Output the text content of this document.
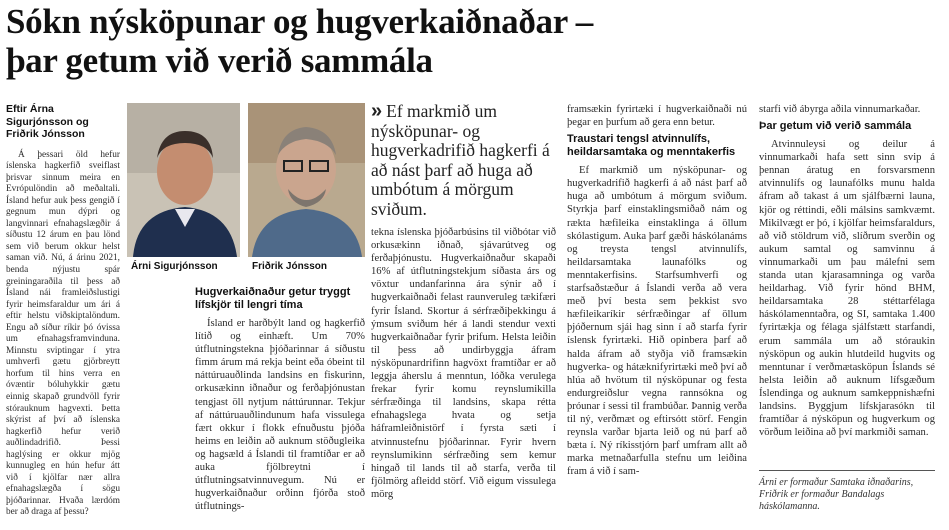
Sókn nýsköpunar og hugverkaiðnaðar –
þar getum við verið sammála
Eftir Árna Sigurjónsson og Friðrik Jónsson

Á þessari öld hefur íslenska hagkerfið sveiflast þrisvar sinnum meira en Evrópulöndin að meðaltali. Ísland hefur auk þess gengið í gegnum mun dýpri og langvinnari efnahagslægðir á síðustu 12 árum en þau lönd sem við berum okkur helst saman við. Nú, á árinu 2021, benda nýjustu spár greiningaraðila til þess að Ísland nái framleiðslustigi fyrir heimsfaraldur um ári á eftir helstu viðskiptalöndum. Engu að síður ríkir þó óvissa um efnahagsframvinduna. Minnstu sviptingar í ytra umhverfi gætu gjörbreytt horfum til hins verra en óvæntir bóluhykkir gætu einnig skapað grundvöll fyrir stórauknum hagvexti. Þetta skýrist af því að íslenska hagkerfið hefur verið auðlindadrifið. Þessi haglýsing er okkur mjög kunnugleg en hún hefur átt við í kjölfar nær allra efnahagslægða í sögu þjóðarinnar. Hvaða lærdóm ber að draga af þessu?

Árni Sigurjónsson	Friðrik Jónsson
Hugverkaiðnaður getur tryggt lífskjör til lengri tíma

Ísland er harðbýlt land og hagkerfið lítið og einhæft. Um 70% útflutningstekna þjóðarinnar á síðustu fimm árum má rekja beint eða óbeint til náttúruauðlinda landsins en fiskurinn, orkusækinn iðnaður og ferðaþjónustan tengjast öll nytjum náttúrunnar. Tekjur af náttúruauðlindunum hafa vissulega fært okkur í flokk efnuðustu þjóða heims en leiðin að auknum stöðugleika og hagsæld á Íslandi til framtíðar er að auka fjölbreytni í útflutningsatvinnuvegum. Nú er hugverkaiðnaður orðinn fjórða stoð útflutnings-

» Ef markmið um nýsköpunar- og hugverkadrifið hagkerfi á að nást þarf að huga að umbótum á mörgum sviðum.

tekna íslenska þjóðarbúsins til viðbótar við orkusækinn iðnað, sjávarútveg og ferðaþjónustu. Hugverkaiðnaður skapaði 16% af útflutningstekjum síðasta árs og vöxtur undanfarinna ára sýnir að í hugverkaiðnaði felast raunveruleg tækifæri fyrir Ísland. Skortur á sérfræðiþekkingu á ýmsum sviðum hér á landi stendur vexti hugverkaiðnaðar fyrir þrifum. Helsta leiðin til þess að undirbyggja áfram nýsköpunardrifinn hagvöxt framtíðar er að leggja áherslu á menntun, lóðka verulega frekar fyrir komu reynslumikilla sérfræðinga til landsins, skapa rétta efnahagslega hvata og setja háframleiðnistörf í fyrsta sæti í atvinnustefnu þjóðarinnar. Fyrir hvern reynslumikinn sérfræðing sem kemur hingað til lands til að starfa, verða til fjölmörg afleidd störf. Við eigum vissulega mörg

framsækin fyrirtæki í hugverkaiðnaði nú þegar en þurfum að gera enn betur.

Traustari tengsl atvinnulífs, heildarsamtaka og menntakerfis

Ef markmið um nýsköpunar- og hugverkadrifið hagkerfi á að nást þarf að huga að umbótum á mörgum sviðum. Styrkja þarf einstaklingsmiðað nám og rækta hæfileika einstaklinga á öllum skólastigum. Auka þarf gæði háskólanáms og treysta tengsl atvinnulífs, heildarsamtaka launafólks og menntakerfisins. Starfsumhverfi og starfsaðstæður á Íslandi verða að vera með því besta sem þekkist svo hæfileikaríkir sérfræðingar af öllum þjóðernum sjái hag sinn í að starfa fyrir íslensk fyrirtæki. Hið opinbera þarf að halda áfram að styðja við framsækin hugverka- og hátæknifyrirtæki með því að hlúa að hvötum til nýsköpunar og festa endurgreiðslur vegna rannsókna og þróunar í sessi til frambúðar. Þannig verða til ný, verðmæt og eftirsótt störf. Fengin reynsla varðar bjarta leið og nú þarf að bæta í. Ný ríkisstjórn þarf umfram allt að marka metnaðarfulla stefnu um leiðina fram á við í sam-

starfi við ábyrga aðila vinnumarkaðar.

Þar getum við verið sammála

Atvinnuleysi og deilur á vinnumarkaði hafa sett sinn svip á þennan áratug en forsvarsmenn atvinnulífs og launafólks munu halda áfram að takast á um sjálfbærni launa, kjör og réttindi, eðli málsins samkvæmt. Mikilvægt er þó, í kjölfar heimsfaraldurs, að við stöldrum við, slíðrum sverðin og aukum samtal og samvinnu á vinnumarkaði um þau málefni sem standa utan kjarasamninga og varða heildarhag. Við fyrir hönd BHM, heildarsamtaka 28 stéttarfélaga háskólamenntaðra, og SI, samtaka 1.400 fyrirtækja og félaga sjálfstætt starfandi, erum sammála um að stóraukin nýsköpun og aukin hlutdeild hugvits og menntunar í verðmætasköpun Íslands sé helsta leiðin að auknum lífsgæðum Íslendinga og auknum samkeppnishæfni landsins. Byggjum lífskjarasókn til framtíðar á nýsköpun og hugverkum og vörðum leiðina að því markmiði saman.

Árni er formaður Samtaka iðnaðarins, Friðrik er formaður Bandalags háskólamanna.
